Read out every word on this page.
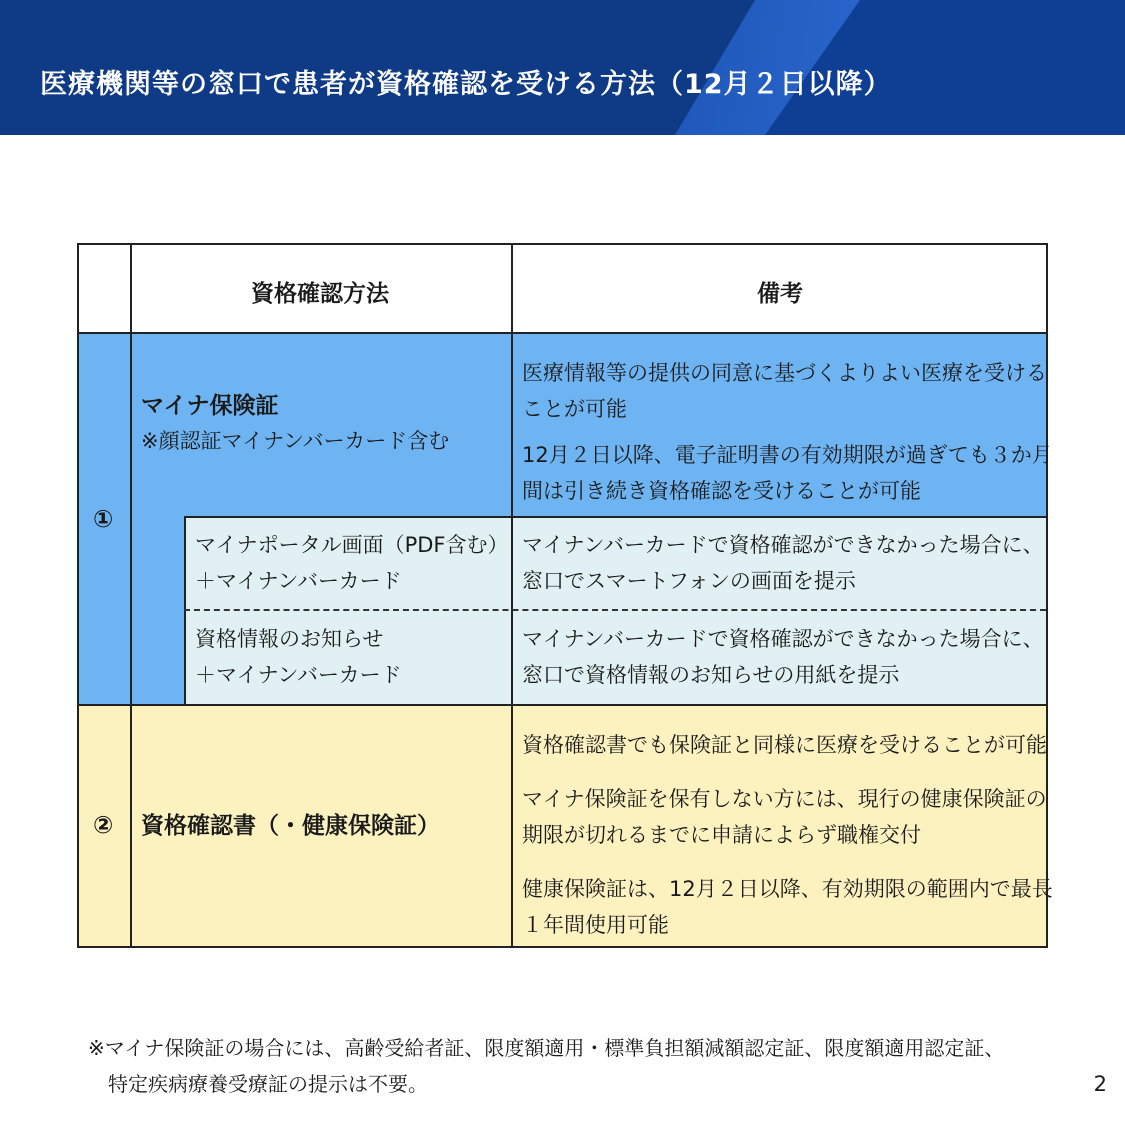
医療機関等の窓口で患者が資格確認を受ける方法（12月２日以降）
資格確認方法	備考
①
マイナ保険証
※顔認証マイナンバーカード含む
医療情報等の提供の同意に基づくよりよい医療を受ける
ことが可能
12月２日以降、電子証明書の有効期限が過ぎても３か月
間は引き続き資格確認を受けることが可能
マイナポータル画面（PDF含む）
＋マイナンバーカード
マイナンバーカードで資格確認ができなかった場合に、
窓口でスマートフォンの画面を提示
資格情報のお知らせ
＋マイナンバーカード
マイナンバーカードで資格確認ができなかった場合に、
窓口で資格情報のお知らせの用紙を提示
② 資格確認書（・健康保険証）
資格確認書でも保険証と同様に医療を受けることが可能
マイナ保険証を保有しない方には、現行の健康保険証の
期限が切れるまでに申請によらず職権交付
健康保険証は、12月２日以降、有効期限の範囲内で最長
１年間使用可能
※マイナ保険証の場合には、高齢受給者証、限度額適用・標準負担額減額認定証、限度額適用認定証、
特定疾病療養受療証の提示は不要。	2
